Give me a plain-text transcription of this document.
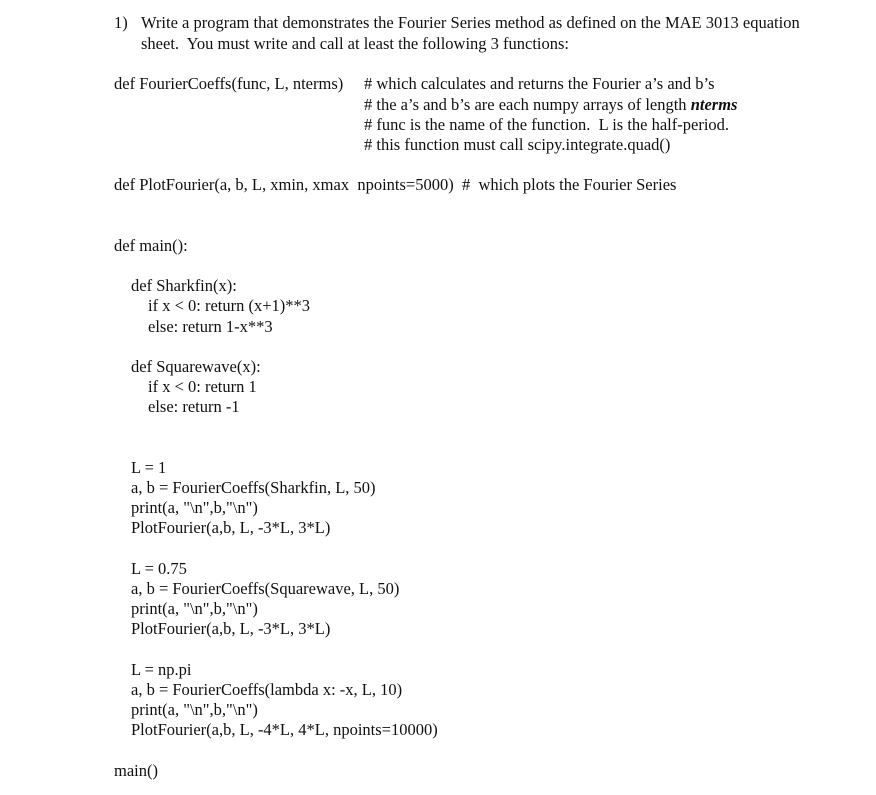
1) Write a program that demonstrates the Fourier Series method as defined on the MAE 3013 equation
sheet.  You must write and call at least the following 3 functions:
def FourierCoeffs(func, L, nterms) # which calculates and returns the Fourier a’s and b’s
# the a’s and b’s are each numpy arrays of length nterms
# func is the name of the function.  L is the half-period.
# this function must call scipy.integrate.quad()
def PlotFourier(a, b, L, xmin, xmax  npoints=5000)  #  which plots the Fourier Series
def main():
def Sharkfin(x):
if x < 0: return (x+1)**3
else: return 1-x**3
def Squarewave(x):
if x < 0: return 1
else: return -1
L = 1
a, b = FourierCoeffs(Sharkfin, L, 50)
print(a, "\n",b,"\n")
PlotFourier(a,b, L, -3*L, 3*L)
L = 0.75
a, b = FourierCoeffs(Squarewave, L, 50)
print(a, "\n",b,"\n")
PlotFourier(a,b, L, -3*L, 3*L)
L = np.pi
a, b = FourierCoeffs(lambda x: -x, L, 10)
print(a, "\n",b,"\n")
PlotFourier(a,b, L, -4*L, 4*L, npoints=10000)
main()
